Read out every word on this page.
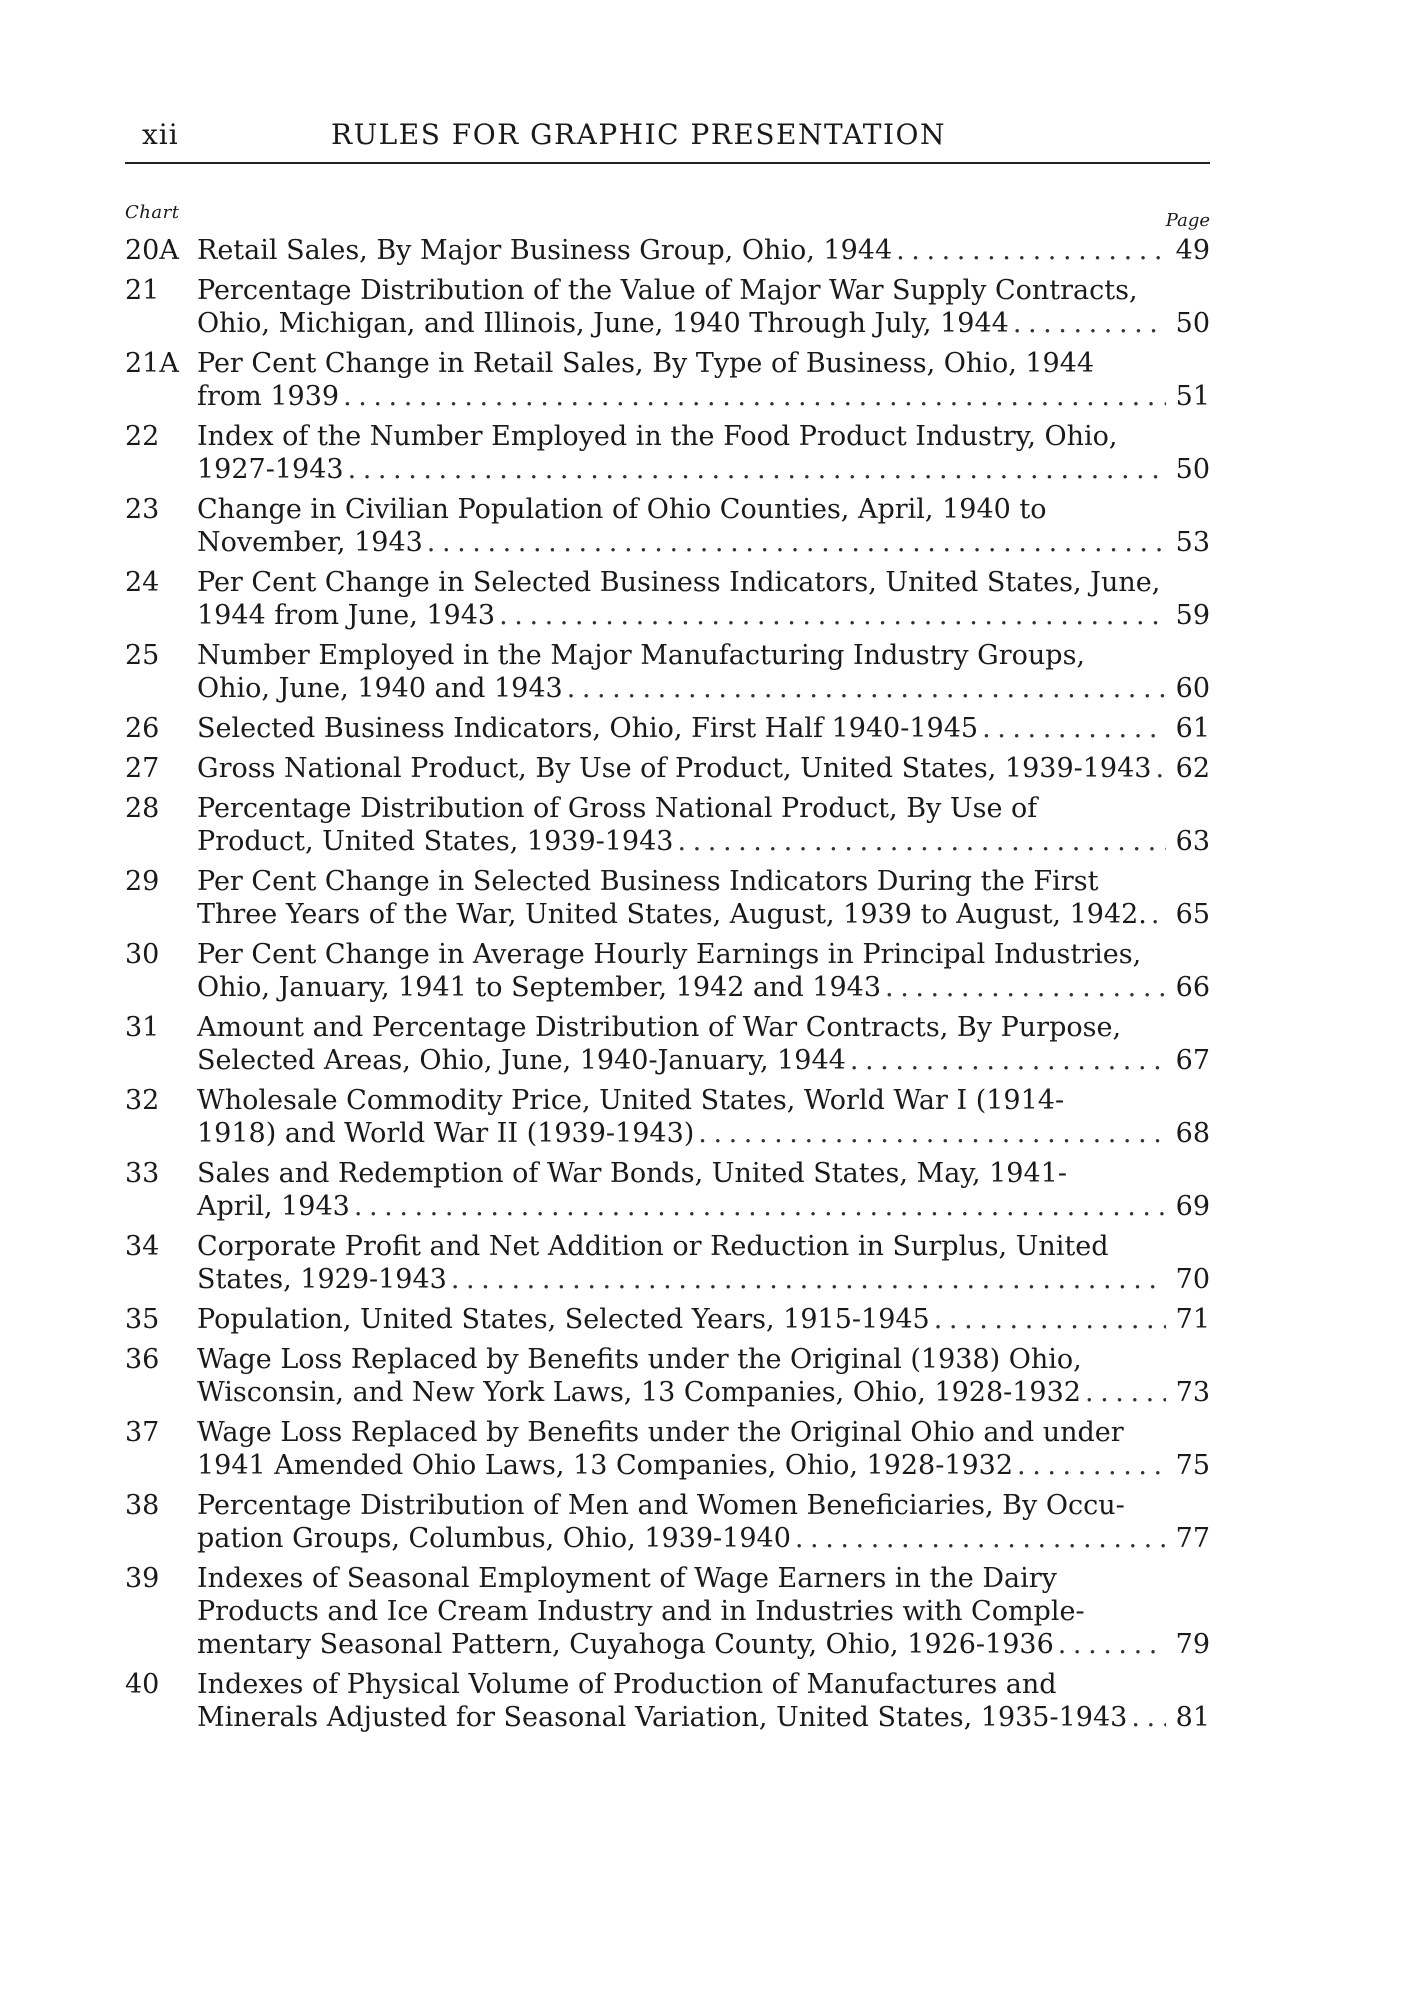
xii	RULES FOR GRAPHIC PRESENTATION
Chart	Page
20A Retail Sales, By Major Business Group, Ohio, 1944 . . .	49
21	Percentage Distribution of the Value of Major War Supply Contracts,
Ohio, Michigan, and Illinois, June, 1940 Through July, 1944 . . .	50
21A Per Cent Change in Retail Sales, By Type of Business, Ohio, 1944
from 1939 . . .	51
22	Index of the Number Employed in the Food Product Industry, Ohio,
1927-1943 . . .	50
23	Change in Civilian Population of Ohio Counties, April, 1940 to
November, 1943 . . .	53
24	Per Cent Change in Selected Business Indicators, United States, June,
1944 from June, 1943 . . .	59
25	Number Employed in the Major Manufacturing Industry Groups,
Ohio, June, 1940 and 1943 . . .	60
26	Selected Business Indicators, Ohio, First Half 1940-1945 . . .	61
27	Gross National Product, By Use of Product, United States, 1939-1943 . . . 62
28	Percentage Distribution of Gross National Product, By Use of
Product, United States, 1939-1943 . . .	63
29	Per Cent Change in Selected Business Indicators During the First
Three Years of the War, United States, August, 1939 to August, 1942. . . .	65
30	Per Cent Change in Average Hourly Earnings in Principal Industries,
Ohio, January, 1941 to September, 1942 and 1943 . . .	66
31	Amount and Percentage Distribution of War Contracts, By Purpose,
Selected Areas, Ohio, June, 1940-January, 1944 . . .	67
32	Wholesale Commodity Price, United States, World War I (1914-
1918) and World War II (1939-1943) . . .	68
33	Sales and Redemption of War Bonds, United States, May, 1941-
April, 1943 . . .	69
34	Corporate Profit and Net Addition or Reduction in Surplus, United
States, 1929-1943 . . .	70
35	Population, United States, Selected Years, 1915-1945 . . .	71
36	Wage Loss Replaced by Benefits under the Original (1938) Ohio,
Wisconsin, and New York Laws, 13 Companies, Ohio, 1928-1932 . . .	73
37	Wage Loss Replaced by Benefits under the Original Ohio and under
1941 Amended Ohio Laws, 13 Companies, Ohio, 1928-1932 . . .	75
38	Percentage Distribution of Men and Women Beneficiaries, By Occu-
pation Groups, Columbus, Ohio, 1939-1940 . . .	77
39	Indexes of Seasonal Employment of Wage Earners in the Dairy
Products and Ice Cream Industry and in Industries with Comple-
mentary Seasonal Pattern, Cuyahoga County, Ohio, 1926-1936 . . .	79
40	Indexes of Physical Volume of Production of Manufactures and
Minerals Adjusted for Seasonal Variation, United States, 1935-1943 . . .	81
